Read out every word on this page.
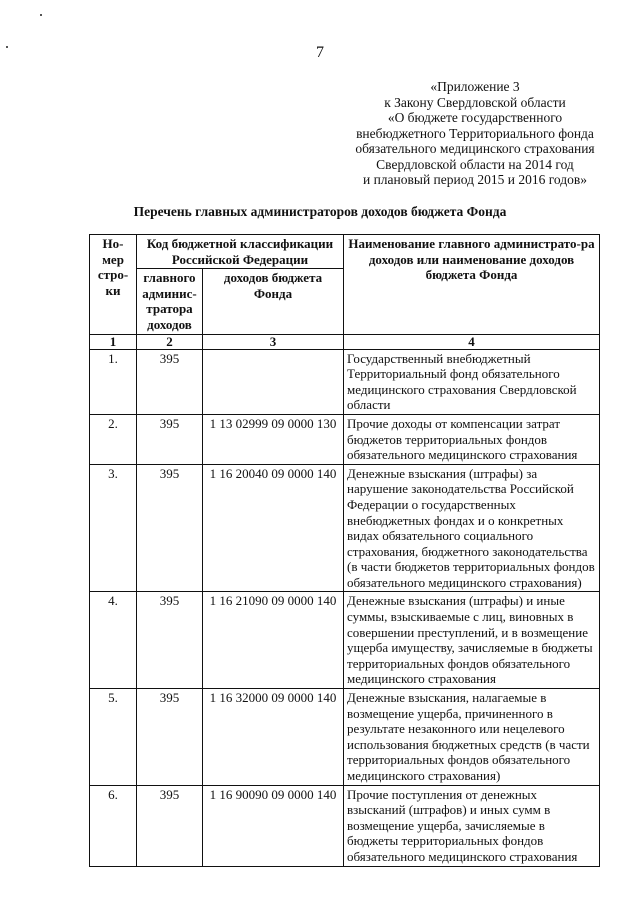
7
«Приложение 3
к Закону Свердловской области
«О бюджете государственного
внебюджетного Территориального фонда
обязательного медицинского страхования
Свердловской области на 2014 год
и плановый период 2015 и 2016 годов»
Перечень главных администраторов доходов бюджета Фонда
Но-мер стро-ки	Код бюджетной классификации Российской Федерации		Наименование главного администрато-ра доходов или наименование доходов бюджета Фонда
	главного админис-тратора доходов	доходов бюджета Фонда	
1	2	3	4
1.	395		Государственный внебюджетный Территориальный фонд обязательного медицинского страхования Свердловской области
2.	395	1 13 02999 09 0000 130	Прочие доходы от компенсации затрат бюджетов территориальных фондов обязательного медицинского страхования
3.	395	1 16 20040 09 0000 140	Денежные взыскания (штрафы) за нарушение законодательства Российской Федерации о государственных внебюджетных фондах и о конкретных видах обязательного социального страхования, бюджетного законодательства (в части бюджетов территориальных фондов обязательного медицинского страхования)
4.	395	1 16 21090 09 0000 140	Денежные взыскания (штрафы) и иные суммы, взыскиваемые с лиц, виновных в совершении преступлений, и в возмещение ущерба имуществу, зачисляемые в бюджеты территориальных фондов обязательного медицинского страхования
5.	395	1 16 32000 09 0000 140	Денежные взыскания, налагаемые в возмещение ущерба, причиненного в результате незаконного или нецелевого использования бюджетных средств (в части территориальных фондов обязательного медицинского страхования)
6.	395	1 16 90090 09 0000 140	Прочие поступления от денежных взысканий (штрафов) и иных сумм в возмещение ущерба, зачисляемые в бюджеты территориальных фондов обязательного медицинского страхования
